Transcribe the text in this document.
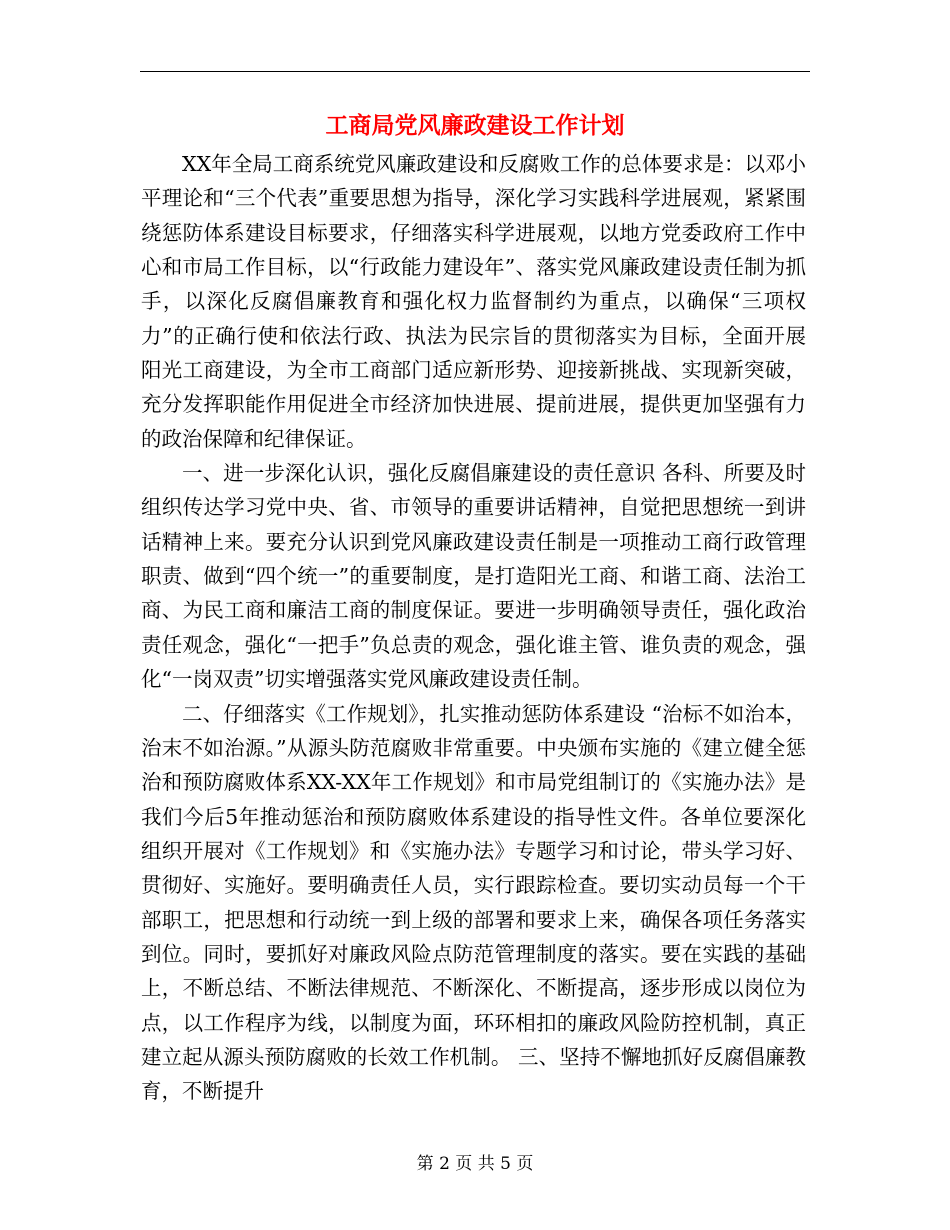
工商局党风廉政建设工作计划

XX年全局工商系统党风廉政建设和反腐败工作的总体要求是：以邓小平理论和“三个代表”重要思想为指导，深化学习实践科学进展观，紧紧围绕惩防体系建设目标要求，仔细落实科学进展观，以地方党委政府工作中心和市局工作目标，以“行政能力建设年”、落实党风廉政建设责任制为抓手，以深化反腐倡廉教育和强化权力监督制约为重点，以确保“三项权力”的正确行使和依法行政、执法为民宗旨的贯彻落实为目标，全面开展阳光工商建设，为全市工商部门适应新形势、迎接新挑战、实现新突破，充分发挥职能作用促进全市经济加快进展、提前进展，提供更加坚强有力的政治保障和纪律保证。

一、进一步深化认识，强化反腐倡廉建设的责任意识 各科、所要及时组织传达学习党中央、省、市领导的重要讲话精神，自觉把思想统一到讲话精神上来。要充分认识到党风廉政建设责任制是一项推动工商行政管理职责、做到“四个统一”的重要制度，是打造阳光工商、和谐工商、法治工商、为民工商和廉洁工商的制度保证。要进一步明确领导责任，强化政治责任观念，强化“一把手”负总责的观念，强化谁主管、谁负责的观念，强化“一岗双责”切实增强落实党风廉政建设责任制。

二、仔细落实《工作规划》，扎实推动惩防体系建设 “治标不如治本，治末不如治源。”从源头防范腐败非常重要。中央颁布实施的《建立健全惩治和预防腐败体系XX-XX年工作规划》和市局党组制订的《实施办法》是我们今后5年推动惩治和预防腐败体系建设的指导性文件。各单位要深化组织开展对《工作规划》和《实施办法》专题学习和讨论，带头学习好、贯彻好、实施好。要明确责任人员，实行跟踪检查。要切实动员每一个干部职工，把思想和行动统一到上级的部署和要求上来，确保各项任务落实到位。同时，要抓好对廉政风险点防范管理制度的落实。要在实践的基础上，不断总结、不断法律规范、不断深化、不断提高，逐步形成以岗位为点，以工作程序为线，以制度为面，环环相扣的廉政风险防控机制，真正建立起从源头预防腐败的长效工作机制。 三、坚持不懈地抓好反腐倡廉教育，不断提升

第 2 页 共 5 页
